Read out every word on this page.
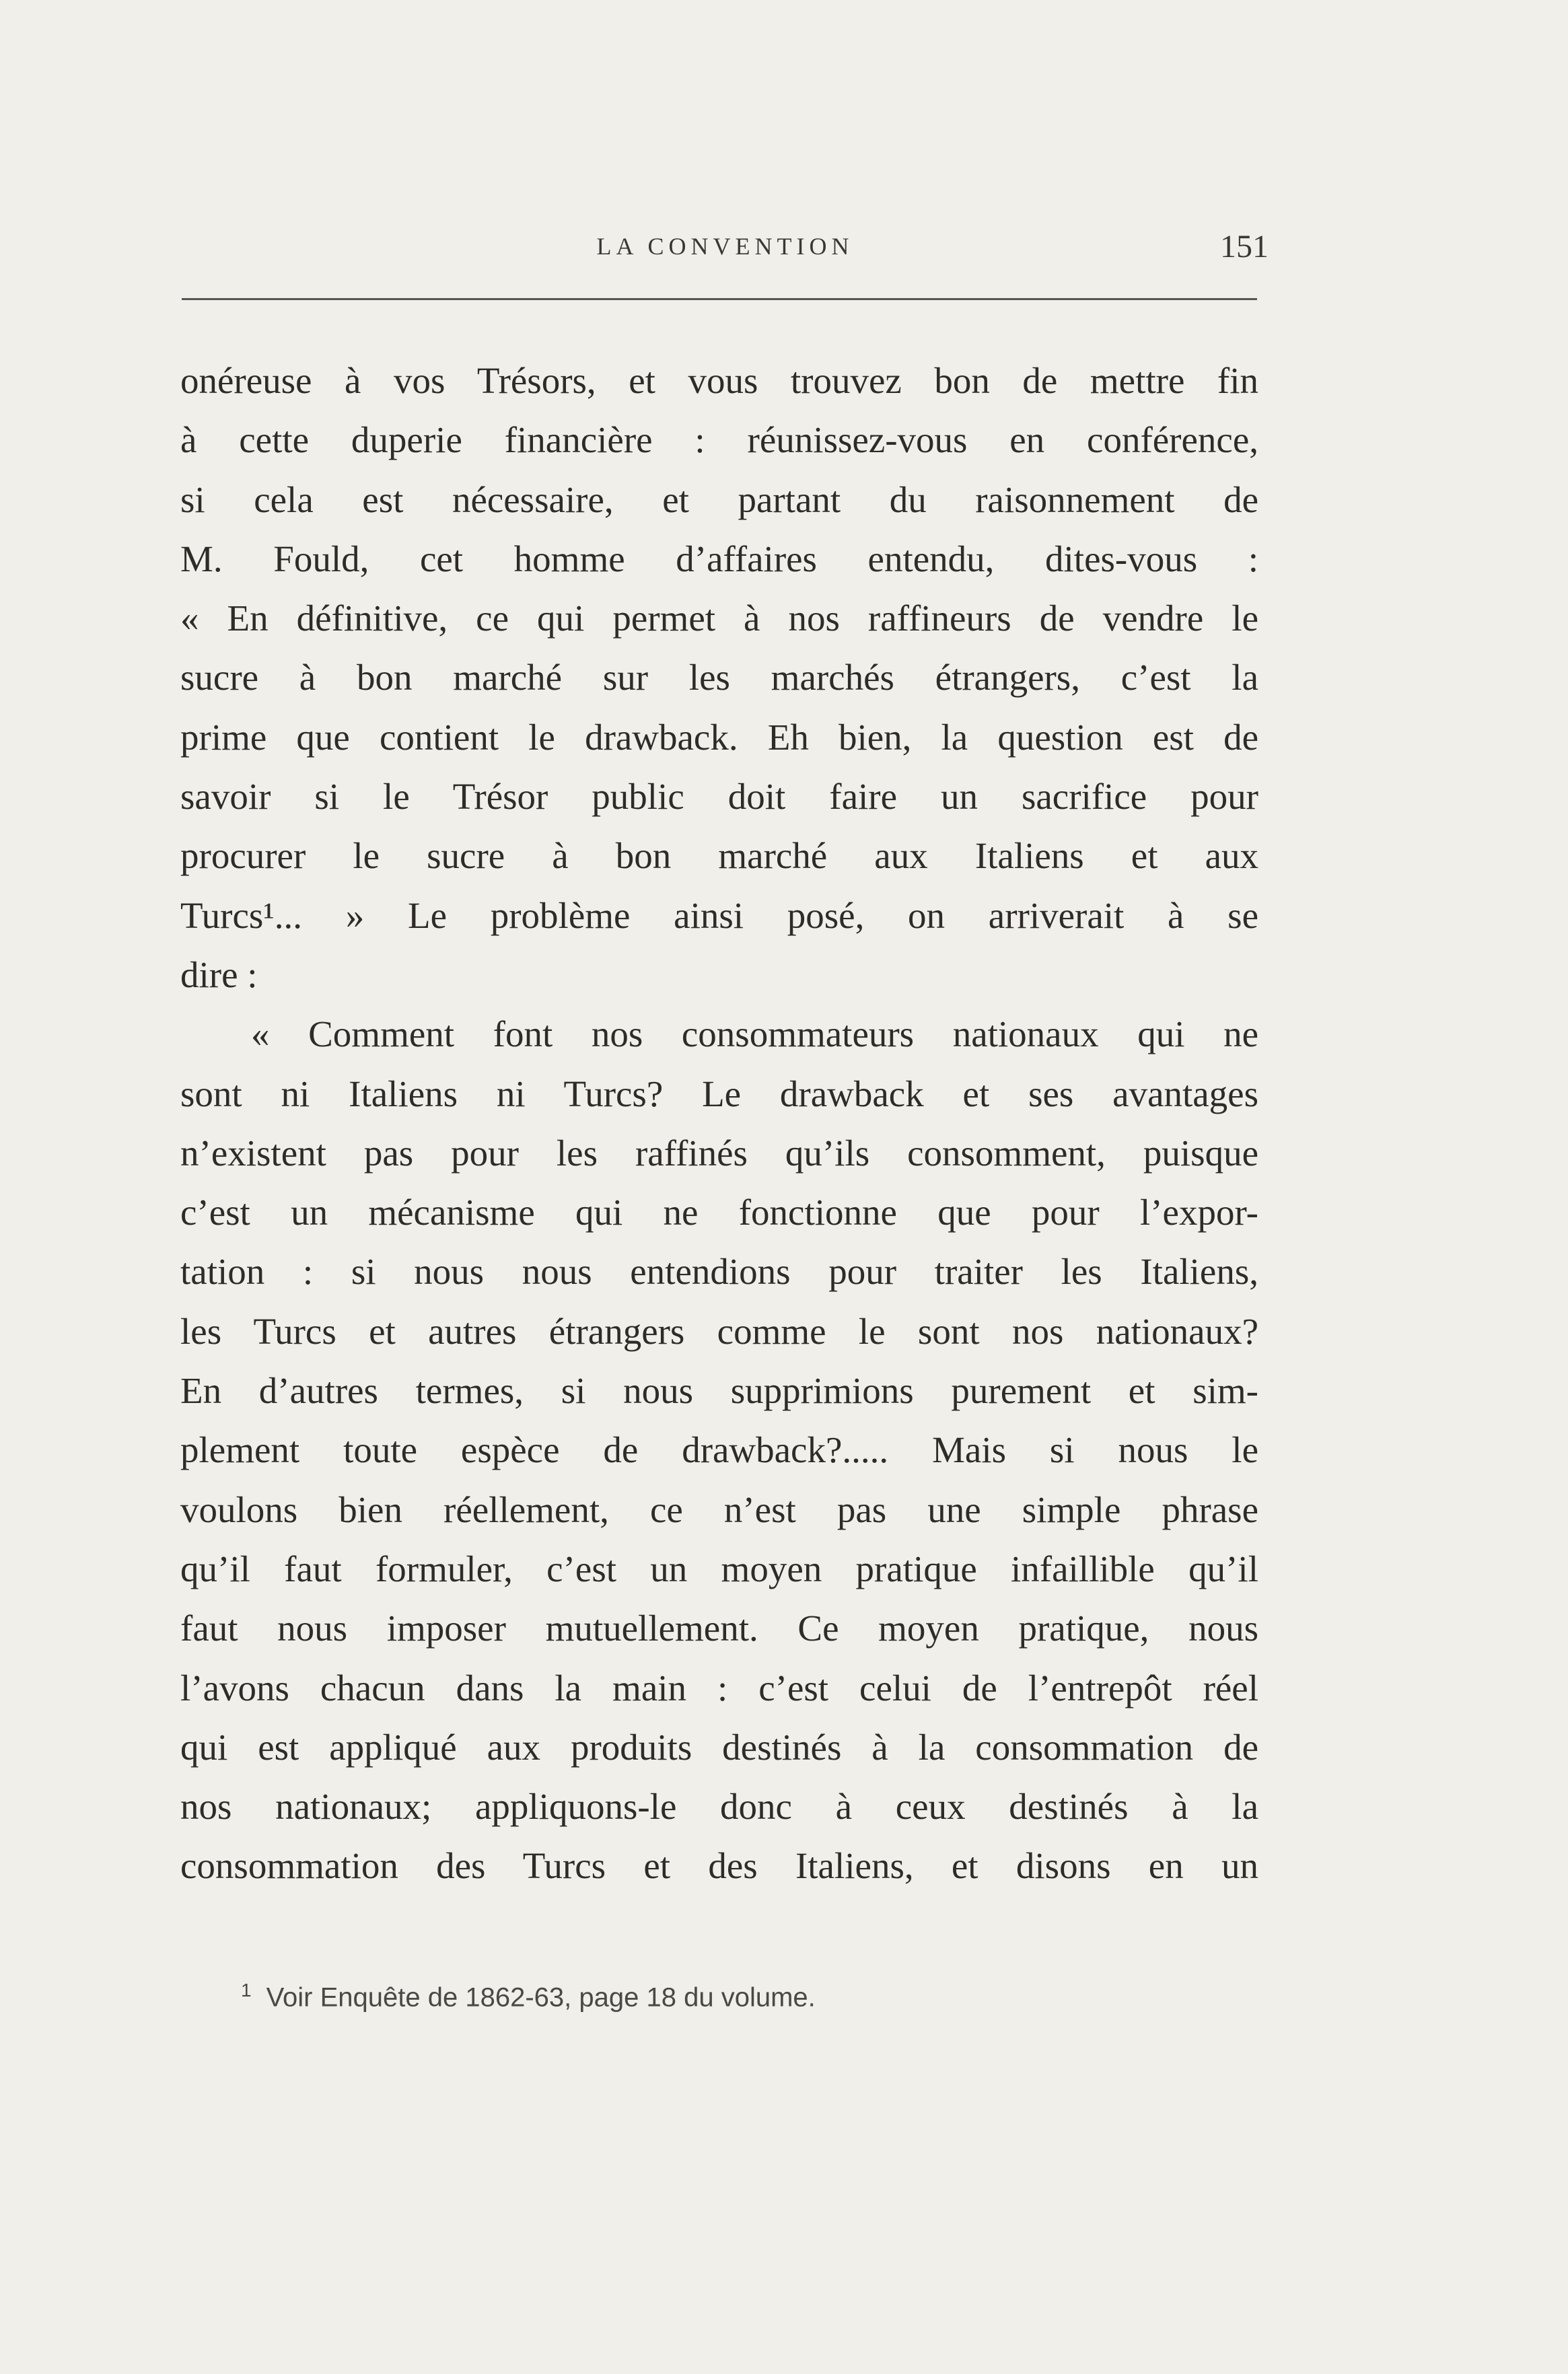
LA CONVENTION	151
onéreuse à vos Trésors, et vous trouvez bon de mettre fin
à cette duperie financière : réunissez-vous en conférence,
si cela est nécessaire, et partant du raisonnement de
M. Fould, cet homme d’affaires entendu, dites-vous :
« En définitive, ce qui permet à nos raffineurs de vendre le
sucre à bon marché sur les marchés étrangers, c’est la
prime que contient le drawback. Eh bien, la question est de
savoir si le Trésor public doit faire un sacrifice pour
procurer le sucre à bon marché aux Italiens et aux
Turcs¹... » Le problème ainsi posé, on arriverait à se
dire :
« Comment font nos consommateurs nationaux qui ne
sont ni Italiens ni Turcs? Le drawback et ses avantages
n’existent pas pour les raffinés qu’ils consomment, puisque
c’est un mécanisme qui ne fonctionne que pour l’expor-
tation : si nous nous entendions pour traiter les Italiens,
les Turcs et autres étrangers comme le sont nos nationaux?
En d’autres termes, si nous supprimions purement et sim-
plement toute espèce de drawback?..... Mais si nous le
voulons bien réellement, ce n’est pas une simple phrase
qu’il faut formuler, c’est un moyen pratique infaillible qu’il
faut nous imposer mutuellement. Ce moyen pratique, nous
l’avons chacun dans la main : c’est celui de l’entrepôt réel
qui est appliqué aux produits destinés à la consommation de
nos nationaux; appliquons-le donc à ceux destinés à la
consommation des Turcs et des Italiens, et disons en un
$^1$ Voir Enquête de 1862-63, page 18 du volume.
